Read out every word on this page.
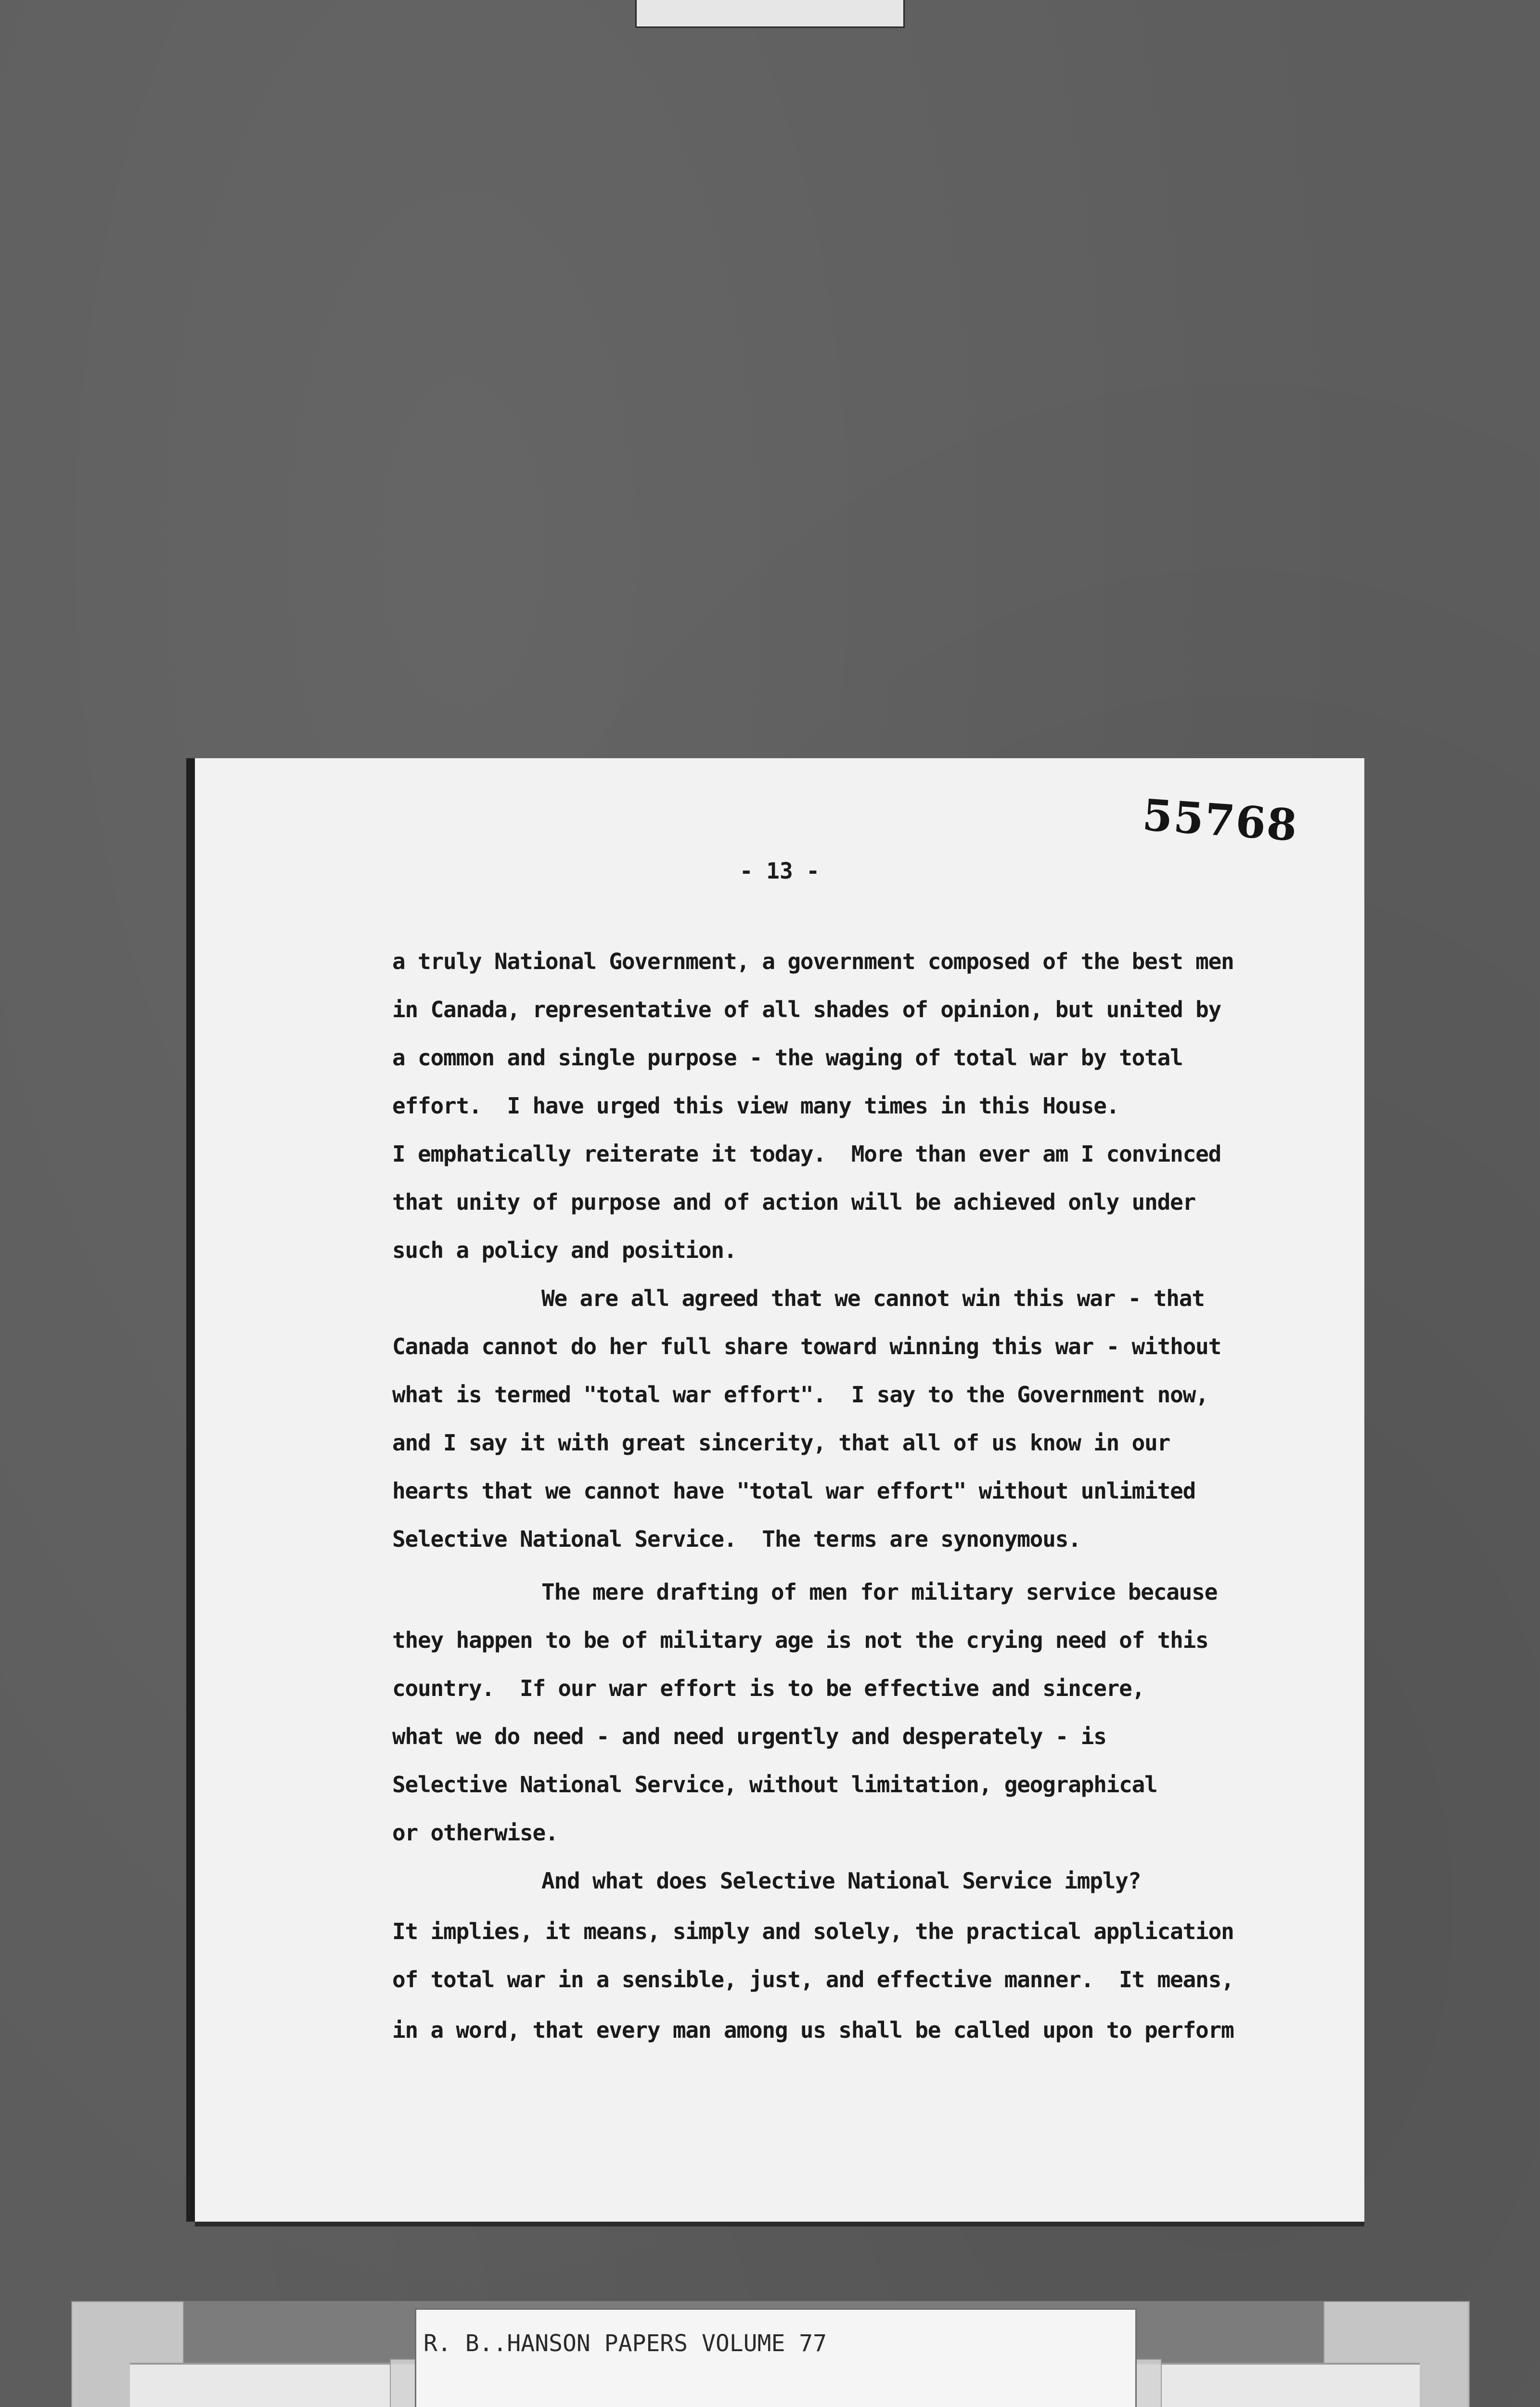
55768
- 13 -
a truly National Government, a government composed of the best men
in Canada, representative of all shades of opinion, but united by
a common and single purpose - the waging of total war by total
effort.  I have urged this view many times in this House.
I emphatically reiterate it today.  More than ever am I convinced
that unity of purpose and of action will be achieved only under
such a policy and position.
We are all agreed that we cannot win this war - that
Canada cannot do her full share toward winning this war - without
what is termed "total war effort".  I say to the Government now,
and I say it with great sincerity, that all of us know in our
hearts that we cannot have "total war effort" without unlimited
Selective National Service.  The terms are synonymous.
The mere drafting of men for military service because
they happen to be of military age is not the crying need of this
country.  If our war effort is to be effective and sincere,
what we do need - and need urgently and desperately - is
Selective National Service, without limitation, geographical
or otherwise.
And what does Selective National Service imply?
It implies, it means, simply and solely, the practical application
of total war in a sensible, just, and effective manner.  It means,
in a word, that every man among us shall be called upon to perform
R. B..HANSON PAPERS VOLUME 77
